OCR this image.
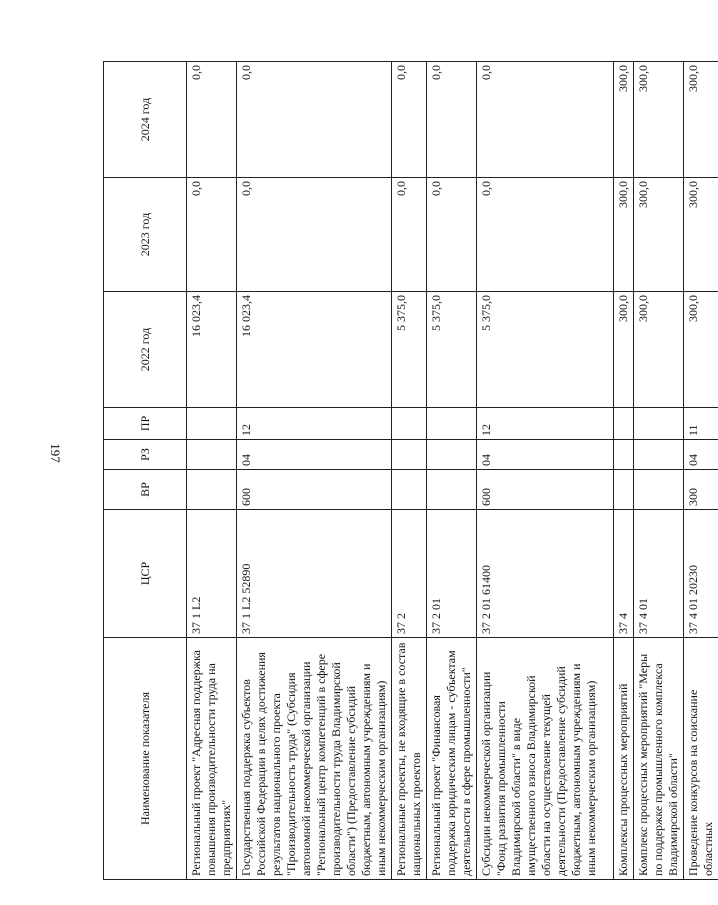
197
Наименование показателя	ЦСР	ВР	РЗ	ПР	2022 год	2023 год	2024 год
Региональный проект "Адресная поддержка повышения производительности труда на предприятиях"	37 1 L2				16 023,4	0,0	0,0
Государственная поддержка субъектов Российской Федерации в целях достижения результатов национального проекта "Производительность труда" (Субсидия автономной некоммерческой организации "Региональный центр компетенций в сфере производительности труда Владимирской области") (Предоставление субсидий бюджетным, автономным учреждениям и иным некоммерческим организациям)	37 1 L2 52890	600	04	12	16 023,4	0,0	0,0
Региональные проекты, не входящие в состав национальных проектов	37 2				5 375,0	0,0	0,0
Региональный проект "Финансовая поддержка юридическим лицам - субъектам деятельности в сфере промышленности"	37 2 01				5 375,0	0,0	0,0
Субсидии некоммерческой организации "Фонд развития промышленности Владимирской области" в виде имущественного взноса Владимирской области на осуществление текущей деятельности (Предоставление субсидий бюджетным, автономным учреждениям и иным некоммерческим организациям)	37 2 01 61400	600	04	12	5 375,0	0,0	0,0
Комплексы процессных мероприятий	37 4				300,0	300,0	300,0
Комплекс процессных мероприятий "Меры по поддержке промышленного комплекса Владимирской области"	37 4 01				300,0	300,0	300,0
Проведение конкурсов на соискание областных	37 4 01 20230	300	04	11	300,0	300,0	300,0
